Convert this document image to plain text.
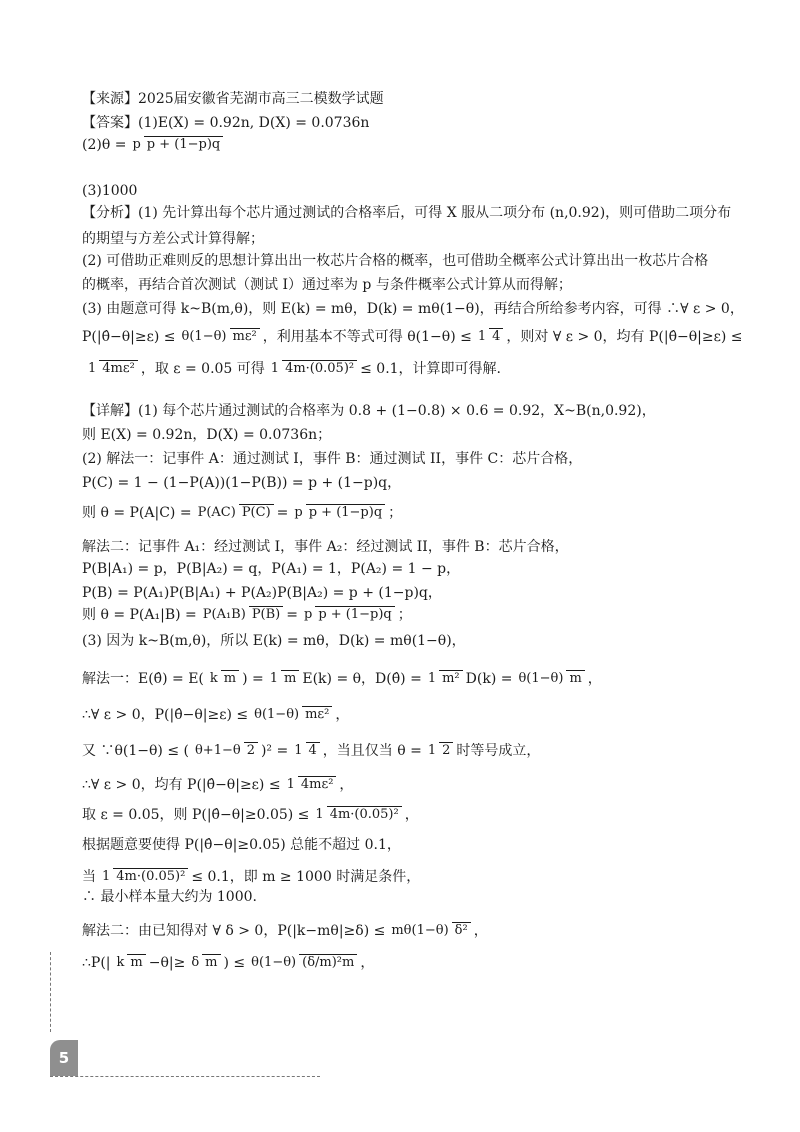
【来源】2025届安徽省芜湖市高三二模数学试题
【答案】(1)E(X) = 0.92n, D(X) = 0.0736n
(2)θ =p p + (1−p)q
(3)1000
【分析】(1) 先计算出每个芯片通过测试的合格率后，可得 X 服从二项分布 (n,0.92)，则可借助二项分布
的期望与方差公式计算得解；
(2) 可借助正难则反的思想计算出出一枚芯片合格的概率，也可借助全概率公式计算出出一枚芯片合格
的概率，再结合首次测试（测试 I）通过率为 p 与条件概率公式计算从而得解；
(3) 由题意可得 k~B(m,θ)，则 E(k) = mθ，D(k) = mθ(1−θ)，再结合所给参考内容，可得 ∴∀ ε > 0，
P(|θ̂−θ|≥ε) ≤θ(1−θ) mε² ，利用基本不等式可得 θ(1−θ) ≤1 4 ，则对 ∀ ε > 0，均有 P(|θ̂−θ|≥ε) ≤
1 4mε² ，取 ε = 0.05 可得1 4m·(0.05)²≤ 0.1，计算即可得解.
【详解】(1) 每个芯片通过测试的合格率为 0.8 + (1−0.8) × 0.6 = 0.92，X~B(n,0.92)，
则 E(X) = 0.92n，D(X) = 0.0736n；
(2) 解法一：记事件 A：通过测试 I，事件 B：通过测试 II，事件 C：芯片合格，
P(C) = 1 − (1−P(A))(1−P(B)) = p + (1−p)q，
则 θ = P(A|C) =P(AC) P(C)=p p + (1−p)q ；
解法二：记事件 A₁：经过测试 I，事件 A₂：经过测试 II，事件 B：芯片合格，
P(B|A₁) = p，P(B|A₂) = q，P(A₁) = 1，P(A₂) = 1 − p，
P(B) = P(A₁)P(B|A₁) + P(A₂)P(B|A₂) = p + (1−p)q，
则 θ = P(A₁|B) =P(A₁B) P(B)=p p + (1−p)q ；
(3) 因为 k~B(m,θ)，所以 E(k) = mθ，D(k) = mθ(1−θ)，
解法一：E(θ̂) = E( k m ) =1 m E(k) = θ，D(θ̂) =1 m² D(k) =θ(1−θ) m ，
∴∀ ε > 0，P(|θ̂−θ|≥ε) ≤θ(1−θ) mε² ，
又 ∵θ(1−θ) ≤ ( θ+1−θ 2 )² =1 4 ，当且仅当 θ =1 2时等号成立，
∴∀ ε > 0，均有 P(|θ̂−θ|≥ε) ≤1 4mε² ，
取 ε = 0.05，则 P(|θ̂−θ|≥0.05) ≤1 4m·(0.05)² ，
根据题意要使得 P(|θ̂−θ|≥0.05) 总能不超过 0.1，
当1 4m·(0.05)²≤ 0.1，即 m ≥ 1000 时满足条件，
∴ 最小样本量大约为 1000.
解法二：由已知得对 ∀ δ > 0，P(|k−mθ|≥δ) ≤mθ(1−θ) δ² ，
∴P(| k m −θ|≥ δ m ) ≤θ(1−θ) (δ/m)²m ，
5
